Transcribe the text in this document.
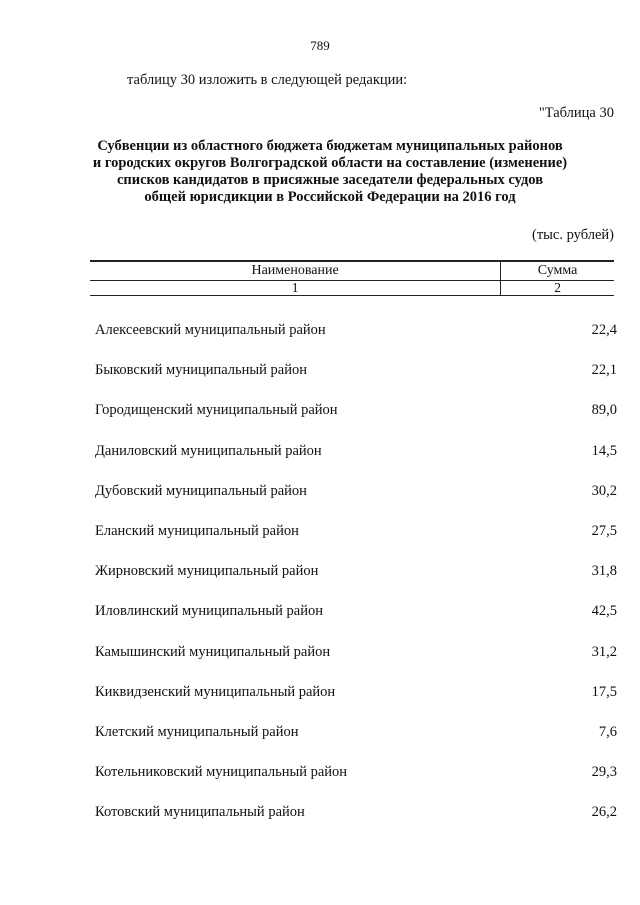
789
таблицу 30 изложить в следующей редакции:
"Таблица 30
Субвенции из областного бюджета бюджетам муниципальных районов
и городских округов Волгоградской области на составление (изменение)
списков кандидатов в присяжные заседатели федеральных судов
общей юрисдикции в Российской Федерации на 2016 год
(тыс. рублей)
Наименование	Сумма
1	2
Алексеевский муниципальный район	22,4
Быковский муниципальный район	22,1
Городищенский муниципальный район	89,0
Даниловский муниципальный район	14,5
Дубовский муниципальный район	30,2
Еланский муниципальный район	27,5
Жирновский муниципальный район	31,8
Иловлинский муниципальный район	42,5
Камышинский муниципальный район	31,2
Киквидзенский муниципальный район	17,5
Клетский муниципальный район	7,6
Котельниковский муниципальный район	29,3
Котовский муниципальный район	26,2
